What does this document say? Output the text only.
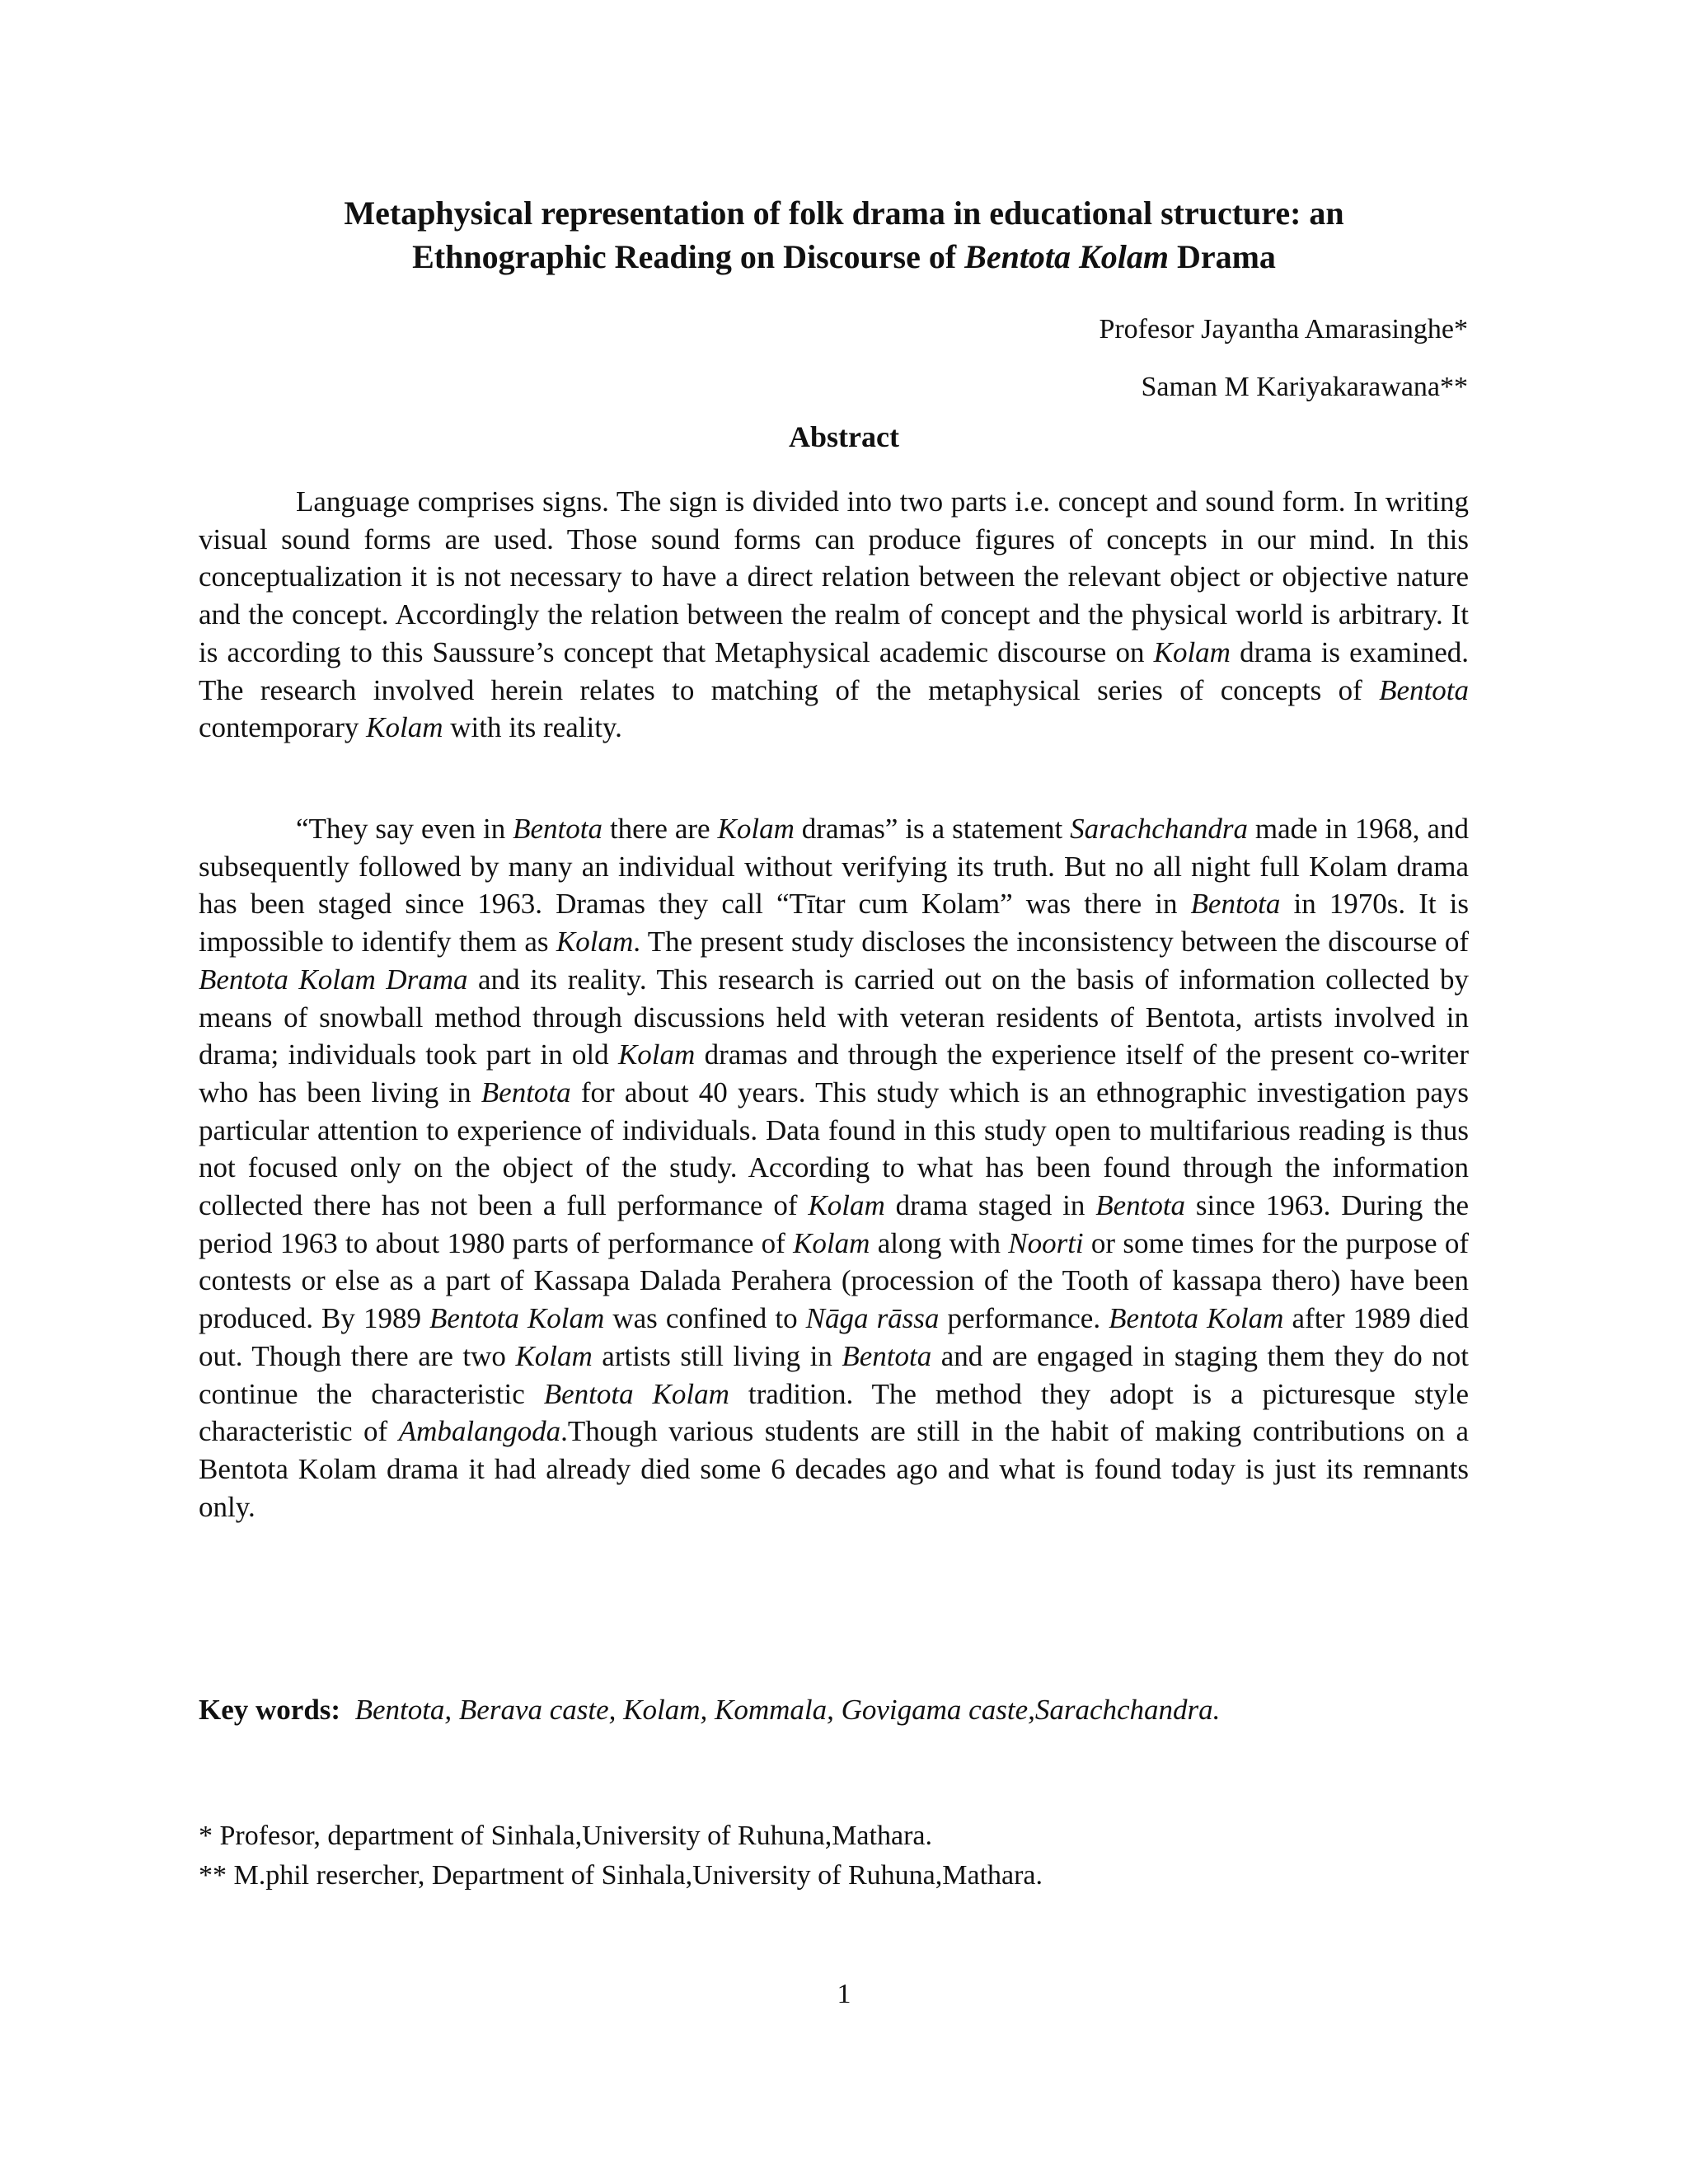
Metaphysical representation of folk drama in educational structure: an
Ethnographic Reading on Discourse of Bentota Kolam Drama

Profesor Jayantha Amarasinghe*

Saman M Kariyakarawana**

Abstract

Language comprises signs. The sign is divided into two parts i.e. concept and sound form. In writing visual sound forms are used. Those sound forms can produce figures of concepts in our mind. In this conceptualization it is not necessary to have a direct relation between the relevant object or objective nature and the concept. Accordingly the relation between the realm of concept and the physical world is arbitrary. It is according to this Saussure’s concept that Metaphysical academic discourse on Kolam drama is examined. The research involved herein relates to matching of the metaphysical series of concepts of Bentota contemporary Kolam with its reality.

“They say even in Bentota there are Kolam dramas” is a statement Sarachchandra made in 1968, and subsequently followed by many an individual without verifying its truth. But no all night full Kolam drama has been staged since 1963. Dramas they call “Tītar cum Kolam” was there in Bentota in 1970s. It is impossible to identify them as Kolam. The present study discloses the inconsistency between the discourse of Bentota Kolam Drama and its reality. This research is carried out on the basis of information collected by means of snowball method through discussions held with veteran residents of Bentota, artists involved in drama; individuals took part in old Kolam dramas and through the experience itself of the present co-writer who has been living in Bentota for about 40 years. This study which is an ethnographic investigation pays particular attention to experience of individuals. Data found in this study open to multifarious reading is thus not focused only on the object of the study. According to what has been found through the information collected there has not been a full performance of Kolam drama staged in Bentota since 1963. During the period 1963 to about 1980 parts of performance of Kolam along with Noorti or some times for the purpose of contests or else as a part of Kassapa Dalada Perahera (procession of the Tooth of kassapa thero) have been produced. By 1989 Bentota Kolam was confined to Nāga rāssa performance. Bentota Kolam after 1989 died out. Though there are two Kolam artists still living in Bentota and are engaged in staging them they do not continue the characteristic Bentota Kolam tradition. The method they adopt is a picturesque style characteristic of Ambalangoda.Though various students are still in the habit of making contributions on a Bentota Kolam drama it had already died some 6 decades ago and what is found today is just its remnants only.

Key words: Bentota, Berava caste, Kolam, Kommala, Govigama caste,Sarachchandra.

* Profesor, department of Sinhala,University of Ruhuna,Mathara.

** M.phil resercher, Department of Sinhala,University of Ruhuna,Mathara.

1
